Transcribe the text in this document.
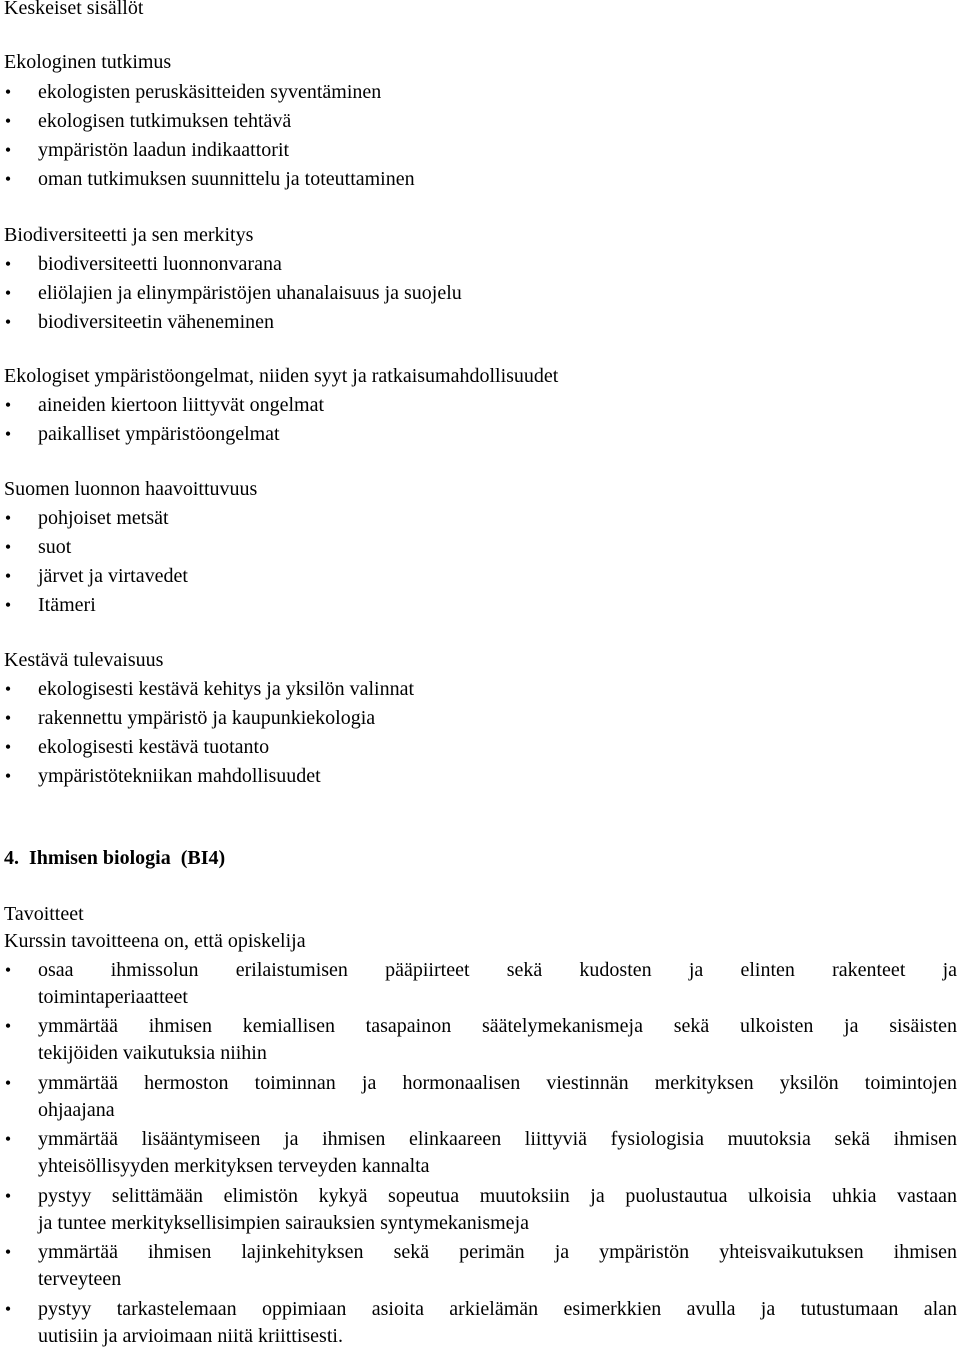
Keskeiset sisällöt
Ekologinen tutkimus
• ekologisten peruskäsitteiden syventäminen
• ekologisen tutkimuksen tehtävä
• ympäristön laadun indikaattorit
• oman tutkimuksen suunnittelu ja toteuttaminen
Biodiversiteetti ja sen merkitys
• biodiversiteetti luonnonvarana
• eliölajien ja elinympäristöjen uhanalaisuus ja suojelu
• biodiversiteetin väheneminen
Ekologiset ympäristöongelmat, niiden syyt ja ratkaisumahdollisuudet
• aineiden kiertoon liittyvät ongelmat
• paikalliset ympäristöongelmat
Suomen luonnon haavoittuvuus
• pohjoiset metsät
• suot
• järvet ja virtavedet
• Itämeri
Kestävä tulevaisuus
• ekologisesti kestävä kehitys ja yksilön valinnat
• rakennettu ympäristö ja kaupunkiekologia
• ekologisesti kestävä tuotanto
• ympäristötekniikan mahdollisuudet
4.  Ihmisen biologia  (BI4)
Tavoitteet
Kurssin tavoitteena on, että opiskelija
• osaa ihmissolun erilaistumisen pääpiirteet sekä kudosten ja elinten rakenteet ja
toimintaperiaatteet
• ymmärtää ihmisen kemiallisen tasapainon säätelymekanismeja sekä ulkoisten ja sisäisten
tekijöiden vaikutuksia niihin
• ymmärtää hermoston toiminnan ja hormonaalisen viestinnän merkityksen yksilön toimintojen
ohjaajana
• ymmärtää lisääntymiseen ja ihmisen elinkaareen liittyviä fysiologisia muutoksia sekä ihmisen
yhteisöllisyyden merkityksen terveyden kannalta
• pystyy selittämään elimistön kykyä sopeutua muutoksiin ja puolustautua ulkoisia uhkia vastaan
ja tuntee merkityksellisimpien sairauksien syntymekanismeja
• ymmärtää ihmisen lajinkehityksen sekä perimän ja ympäristön yhteisvaikutuksen ihmisen
terveyteen
• pystyy tarkastelemaan oppimiaan asioita arkielämän esimerkkien avulla ja tutustumaan alan
uutisiin ja arvioimaan niitä kriittisesti.
